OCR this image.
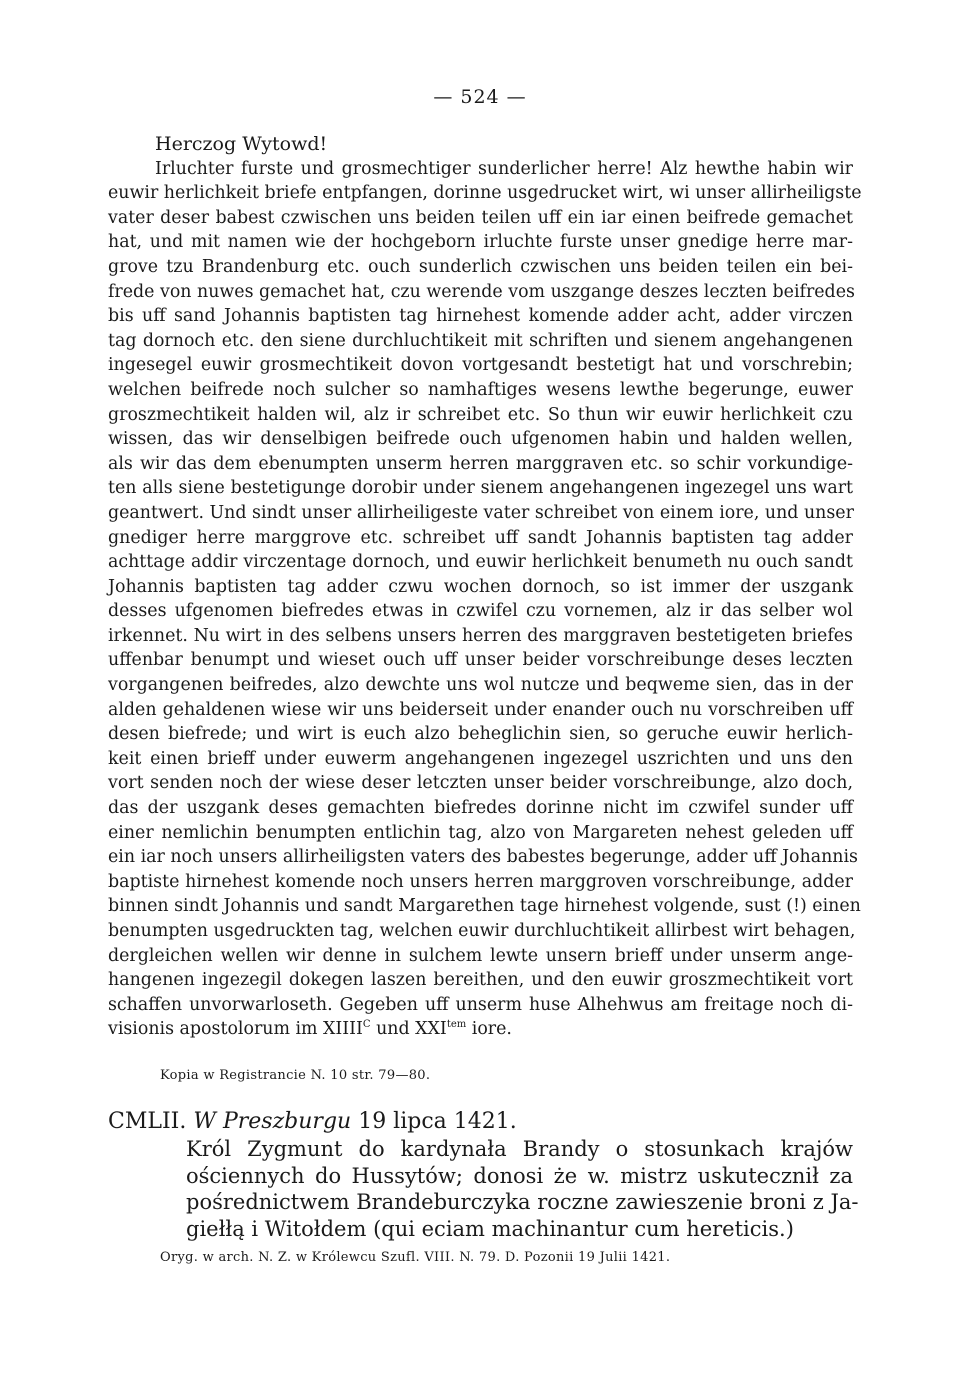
— 524 —
Herczog Wytowd!
Irluchter furste und grosmechtiger sunderlicher herre! Alz hewthe habin wir
euwir herlichkeit briefe entpfangen, dorinne usgedrucket wirt, wi unser allirheiligste
vater deser babest czwischen uns beiden teilen uff ein iar einen beifrede gemachet
hat, und mit namen wie der hochgeborn irluchte furste unser gnedige herre mar-
grove tzu Brandenburg etc. ouch sunderlich czwischen uns beiden teilen ein bei-
frede von nuwes gemachet hat, czu werende vom uszgange deszes leczten beifredes
bis uff sand Johannis baptisten tag hirnehest komende adder acht, adder virczen
tag dornoch etc. den siene durchluchtikeit mit schriften und sienem angehangenen
ingesegel euwir grosmechtikeit dovon vortgesandt bestetigt hat und vorschrebin;
welchen beifrede noch sulcher so namhaftiges wesens lewthe begerunge, euwer
groszmechtikeit halden wil, alz ir schreibet etc. So thun wir euwir herlichkeit czu
wissen, das wir denselbigen beifrede ouch ufgenomen habin und halden wellen,
als wir das dem ebenumpten unserm herren marggraven etc. so schir vorkundige-
ten alls siene bestetigunge dorobir under sienem angehangenen ingezegel uns wart
geantwert. Und sindt unser allirheiligeste vater schreibet von einem iore, und unser
gnediger herre marggrove etc. schreibet uff sandt Johannis baptisten tag adder
achttage addir virczentage dornoch, und euwir herlichkeit benumeth nu ouch sandt
Johannis baptisten tag adder czwu wochen dornoch, so ist immer der uszgank
desses ufgenomen biefredes etwas in czwifel czu vornemen, alz ir das selber wol
irkennet. Nu wirt in des selbens unsers herren des marggraven bestetigeten briefes
uffenbar benumpt und wieset ouch uff unser beider vorschreibunge deses leczten
vorgangenen beifredes, alzo dewchte uns wol nutcze und beqweme sien, das in der
alden gehaldenen wiese wir uns beiderseit under enander ouch nu vorschreiben uff
desen biefrede; und wirt is euch alzo beheglichin sien, so geruche euwir herlich-
keit einen brieff under euwerm angehangenen ingezegel uszrichten und uns den
vort senden noch der wiese deser letczten unser beider vorschreibunge, alzo doch,
das der uszgank deses gemachten biefredes dorinne nicht im czwifel sunder uff
einer nemlichin benumpten entlichin tag, alzo von Margareten nehest geleden uff
ein iar noch unsers allirheiligsten vaters des babestes begerunge, adder uff Johannis
baptiste hirnehest komende noch unsers herren marggroven vorschreibunge, adder
binnen sindt Johannis und sandt Margarethen tage hirnehest volgende, sust (!) einen
benumpten usgedruckten tag, welchen euwir durchluchtikeit allirbest wirt behagen,
dergleichen wellen wir denne in sulchem lewte unsern brieff under unserm ange-
hangenen ingezegil dokegen laszen bereithen, und den euwir groszmechtikeit vort
schaffen unvorwarloseth. Gegeben uff unserm huse Alhehwus am freitage noch di-
visionis apostolorum im $XIIII^C$ und $XXI^{tem}$ iore.
Kopia w Registrancie N. 10 str. 79—80.
CMLII. W Preszburgu 19 lipca 1421.
Król Zygmunt do kardynała Brandy o stosunkach krajów
ościennych do Hussytów; donosi że w. mistrz uskutecznił za
pośrednictwem Brandeburczyka roczne zawieszenie broni z Ja-
giełłą i Witołdem (qui eciam machinantur cum hereticis.)
Oryg. w arch. N. Z. w Królewcu Szufl. VIII. N. 79. D. Pozonii 19 Julii 1421.
